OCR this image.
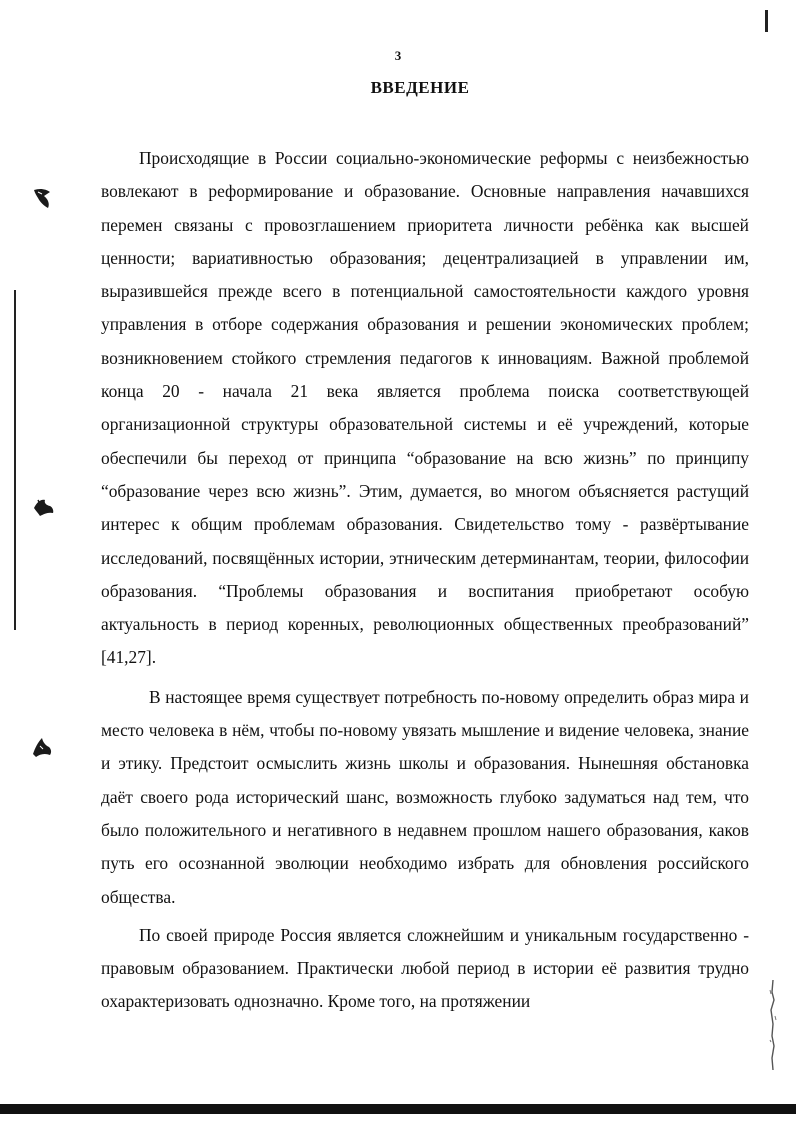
3
ВВЕДЕНИЕ

Происходящие в России социально-экономические реформы с неизбежностью вовлекают в реформирование и образование. Основные направления начавшихся перемен связаны с провозглашением приоритета личности ребёнка как высшей ценности; вариативностью образования; децентрализацией в управлении им, выразившейся прежде всего в потенциальной самостоятельности каждого уровня управления в отборе содержания образования и решении экономических проблем; возникновением стойкого стремления педагогов к инновациям. Важной проблемой конца 20 - начала 21 века является проблема поиска соответствующей организационной структуры образовательной системы и её учреждений, которые обеспечили бы переход от принципа “образование на всю жизнь” по принципу “образование через всю жизнь”. Этим, думается, во многом объясняется растущий интерес к общим проблемам образования. Свидетельство тому - развёртывание исследований, посвящённых истории, этническим детерминантам, теории, философии образования. “Проблемы образования и воспитания приобретают особую актуальность в период коренных, революционных общественных преобразований” [41,27].

В настоящее время существует потребность по-новому определить образ мира и место человека в нём, чтобы по-новому увязать мышление и видение человека, знание и этику. Предстоит осмыслить жизнь школы и образования. Нынешняя обстановка даёт своего рода исторический шанс, возможность глубоко задуматься над тем, что было положительного и негативного в недавнем прошлом нашего образования, каков путь его осознанной эволюции необходимо избрать для обновления российского общества.

По своей природе Россия является сложнейшим и уникальным государственно - правовым образованием. Практически любой период в истории её развития трудно охарактеризовать однозначно. Кроме того, на протяжении
